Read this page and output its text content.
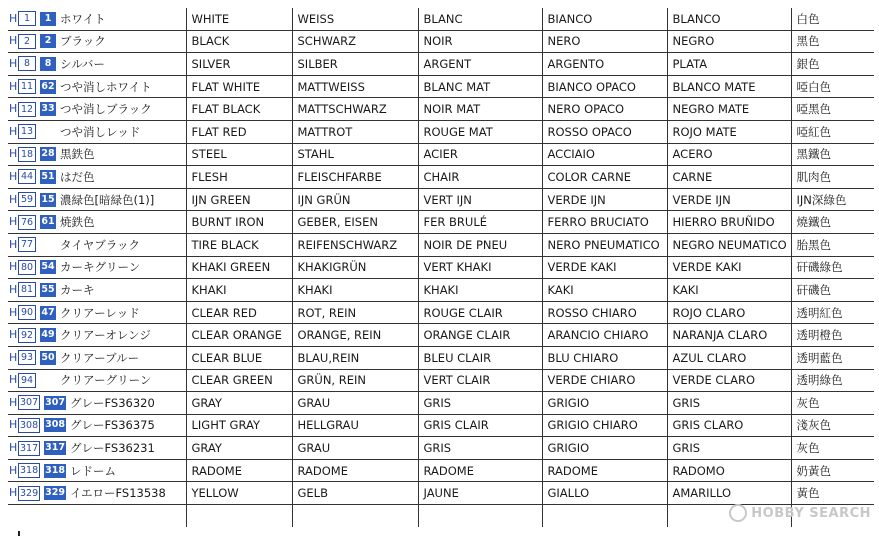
H 1 1 ホワイト	WHITE	WEISS	BLANC	BIANCO	BLANCO	白色

H 2 2 ブラック	BLACK	SCHWARZ	NOIR	NERO	NEGRO	黑色

H 8 8 シルバー	SILVER	SILBER	ARGENT	ARGENTO	PLATA	銀色

H 11 62 つや消しホワイト	FLAT WHITE	MATTWEISS	BLANC MAT	BIANCO OPACO	BLANCO MATE	啞白色

H 12 33 つや消しブラック	FLAT BLACK	MATTSCHWARZ	NOIR MAT	NERO OPACO	NEGRO MATE	啞黑色

H 13 つや消しレッド	FLAT RED	MATTROT	ROUGE MAT	ROSSO OPACO	ROJO MATE	啞紅色

H 18 28 黒鉄色	STEEL	STAHL	ACIER	ACCIAIO	ACERO	黑鐵色

H 44 51 はだ色	FLESH	FLEISCHFARBE	CHAIR	COLOR CARNE	CARNE	肌肉色

H 59 15 濃緑色[暗緑色(1)]	IJN GREEN	IJN GRÜN	VERT IJN	VERDE IJN	VERDE IJN	IJN深綠色

H 76 61 焼鉄色	BURNT IRON	GEBER, EISEN	FER BRULÉ	FERRO BRUCIATO	HIERRO BRUÑIDO	燒鐵色

H 77 タイヤブラック	TIRE BLACK	REIFENSCHWARZ	NOIR DE PNEU	NERO PNEUMATICO	NEGRO NEUMATICO	胎黑色

H 80 54 カーキグリーン	KHAKI GREEN	KHAKIGRÜN	VERT KHAKI	VERDE KAKI	VERDE KAKI	矸磯綠色

H 81 55 カーキ	KHAKI	KHAKI	KHAKI	KAKI	KAKI	矸磯色

H 90 47 クリアーレッド	CLEAR RED	ROT, REIN	ROUGE CLAIR	ROSSO CHIARO	ROJO CLARO	透明紅色

H 92 49 クリアーオレンジ	CLEAR ORANGE	ORANGE, REIN	ORANGE CLAIR	ARANCIO CHIARO	NARANJA CLARO	透明橙色

H 93 50 クリアーブルー	CLEAR BLUE	BLAU,REIN	BLEU CLAIR	BLU CHIARO	AZUL CLARO	透明藍色

H 94 クリアーグリーン	CLEAR GREEN	GRÜN, REIN	VERT CLAIR	VERDE CHIARO	VERDE CLARO	透明綠色

H 307 307 グレーFS36320	GRAY	GRAU	GRIS	GRIGIO	GRIS	灰色

H 308 308 グレーFS36375	LIGHT GRAY	HELLGRAU	GRIS CLAIR	GRIGIO CHIARO	GRIS CLARO	淺灰色

H 317 317 グレーFS36231	GRAY	GRAU	GRIS	GRIGIO	GRIS	灰色

H 318 318 レドーム	RADOME	RADOME	RADOME	RADOME	RADOMO	奶黃色

H 329 329 イエローFS13538	YELLOW	GELB	JAUNE	GIALLO	AMARILLO	黃色

HOBBY SEARCH
